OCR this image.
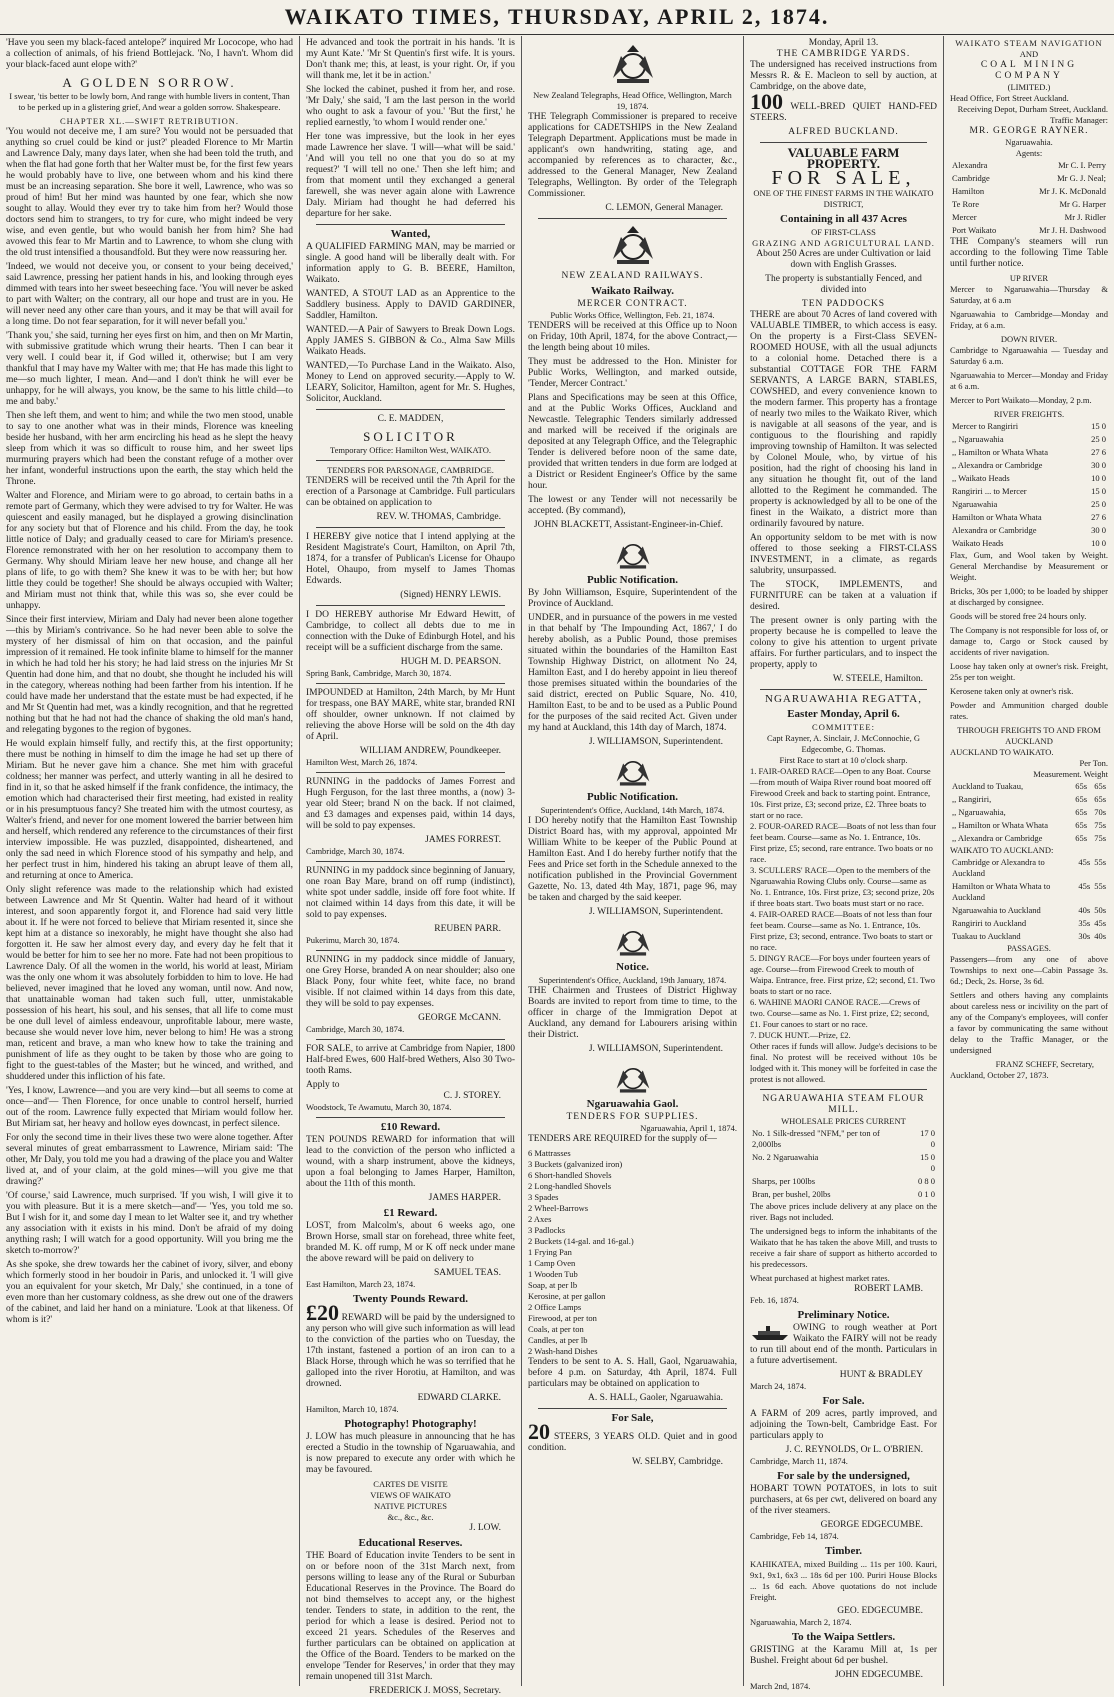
WAIKATO TIMES, THURSDAY, APRIL 2, 1874.

'Have you seen my black-faced antelope?' inquired Mr Lococope, who had a collection of animals, of his friend Bottlejack. 'No, I havn't. Whom did your black-faced aunt elope with?'

A GOLDEN SORROW.

I swear, 'tis better to be lowly born, And range with humble livers in content, Than to be perked up in a glistering grief, And wear a golden sorrow. Shakespeare.

CHAPTER XL.—SWIFT RETRIBUTION.

'You would not deceive me, I am sure? You would not be persuaded that anything so cruel could be kind or just?' pleaded Florence to Mr Martin and Lawrence Daly, many days later, when she had been told the truth, and when the flat had gone forth that her Walter must be, for the first few years he would probably have to live, one between whom and his kind there must be an increasing separation. She bore it well, Lawrence, who was so proud of him! But her mind was haunted by one fear, which she now sought to allay. Would they ever try to take him from her? Would those doctors send him to strangers, to try for cure, who might indeed be very wise, and even gentle, but who would banish her from him? She had avowed this fear to Mr Martin and to Lawrence, to whom she clung with the old trust intensified a thousandfold. But they were now reassuring her.

'Indeed, we would not deceive you, or consent to your being deceived,' said Lawrence, pressing her patient hands in his, and looking through eyes dimmed with tears into her sweet beseeching face. 'You will never be asked to part with Walter; on the contrary, all our hope and trust are in you. He will never need any other care than yours, and it may be that will avail for a long time. Do not fear separation, for it will never befall you.'

'Thank you,' she said, turning her eyes first on him, and then on Mr Martin, with submissive gratitude which wrung their hearts. 'Then I can bear it very well. I could bear it, if God willed it, otherwise; but I am very thankful that I may have my Walter with me; that He has made this light to me—so much lighter, I mean. And—and I don't think he will ever be unhappy, for he will always, you know, be the same to his little child—to me and baby.'

Then she left them, and went to him; and while the two men stood, unable to say to one another what was in their minds, Florence was kneeling beside her husband, with her arm encircling his head as he slept the heavy sleep from which it was so difficult to rouse him, and her sweet lips murmuring prayers which had been the constant refuge of a mother over her infant, wonderful instructions upon the earth, the stay which held the Throne.

Walter and Florence, and Miriam were to go abroad, to certain baths in a remote part of Germany, which they were advised to try for Walter. He was quiescent and easily managed, but he displayed a growing disinclination for any society but that of Florence and his child. From the day, he took little notice of Daly; and gradually ceased to care for Miriam's presence. Florence remonstrated with her on her resolution to accompany them to Germany. Why should Miriam leave her new house, and change all her plans of life, to go with them? She knew it was to be with her; but how little they could be together! She should be always occupied with Walter; and Miriam must not think that, while this was so, she ever could be unhappy.

Since their first interview, Miriam and Daly had never been alone together—this by Miriam's contrivance. So he had never been able to solve the mystery of her dismissal of him on that occasion, and the painful impression of it remained. He took infinite blame to himself for the manner in which he had told her his story; he had laid stress on the injuries Mr St Quentin had done him, and that no doubt, she thought he included his will in the category, whereas nothing had been farther from his intention. If he could have made her understand that the estate must be had expected, if he and Mr St Quentin had met, was a kindly recognition, and that he regretted nothing but that he had not had the chance of shaking the old man's hand, and relegating bygones to the region of bygones.

He would explain himself fully, and rectify this, at the first opportunity; there must be nothing in himself to dim the image he had set up there of Miriam. But he never gave him a chance. She met him with graceful coldness; her manner was perfect, and utterly wanting in all he desired to find in it, so that he asked himself if the frank confidence, the intimacy, the emotion which had characterised their first meeting, had existed in reality or in his presumptuous fancy? She treated him with the utmost courtesy, as Walter's friend, and never for one moment lowered the barrier between him and herself, which rendered any reference to the circumstances of their first interview impossible. He was puzzled, disappointed, disheartened, and only the sad need in which Florence stood of his sympathy and help, and her perfect trust in him, hindered his taking an abrupt leave of them all, and returning at once to America.

Only slight reference was made to the relationship which had existed between Lawrence and Mr St Quentin. Walter had heard of it without interest, and soon apparently forgot it, and Florence had said very little about it. If he were not forced to believe that Miriam resented it, since she kept him at a distance so inexorably, he might have thought she also had forgotten it. He saw her almost every day, and every day he felt that it would be better for him to see her no more. Fate had not been propitious to Lawrence Daly. Of all the women in the world, his world at least, Miriam was the only one whom it was absolutely forbidden to him to love. He had believed, never imagined that he loved any woman, until now. And now, that unattainable woman had taken such full, utter, unmistakable possession of his heart, his soul, and his senses, that all life to come must be one dull level of aimless endeavour, unprofitable labour, mere waste, because she would never love him, never belong to him! He was a strong man, reticent and brave, a man who knew how to take the training and punishment of life as they ought to be taken by those who are going to fight to the guest-tables of the Master; but he winced, and writhed, and shuddered under this infliction of his fate.

'Yes, I know, Lawrence—and you are very kind—but all seems to come at once—and'— Then Florence, for once unable to control herself, hurried out of the room. Lawrence fully expected that Miriam would follow her. But Miriam sat, her heavy and hollow eyes downcast, in perfect silence.

For only the second time in their lives these two were alone together. After several minutes of great embarrassment to Lawrence, Miriam said: 'The other, Mr Daly, you told me you had a drawing of the place you and Walter lived at, and of your claim, at the gold mines—will you give me that drawing?'

'Of course,' said Lawrence, much surprised. 'If you wish, I will give it to you with pleasure. But it is a mere sketch—and'— 'Yes, you told me so. But I wish for it, and some day I mean to let Walter see it, and try whether any association with it exists in his mind. Don't be afraid of my doing anything rash; I will watch for a good opportunity. Will you bring me the sketch to-morrow?'

As she spoke, she drew towards her the cabinet of ivory, silver, and ebony which formerly stood in her boudoir in Paris, and unlocked it. 'I will give you an equivalent for your sketch, Mr Daly,' she continued, in a tone of even more than her customary coldness, as she drew out one of the drawers of the cabinet, and laid her hand on a miniature. 'Look at that likeness. Of whom is it?'

He advanced and took the portrait in his hands. 'It is my Aunt Kate.' 'Mr St Quentin's first wife. It is yours. Don't thank me; this, at least, is your right. Or, if you will thank me, let it be in action.'

She locked the cabinet, pushed it from her, and rose. 'Mr Daly,' she said, 'I am the last person in the world who ought to ask a favour of you.' 'But the first,' he replied earnestly, 'to whom I would render one.'

Her tone was impressive, but the look in her eyes made Lawrence her slave. 'I will—what will be said.' 'And will you tell no one that you do so at my request?' 'I will tell no one.' Then she left him; and from that moment until they exchanged a general farewell, she was never again alone with Lawrence Daly. Miriam had thought he had deferred his departure for her sake.

Wanted,

A QUALIFIED FARMING MAN, may be married or single. A good hand will be liberally dealt with. For information apply to G. B. BEERE, Hamilton, Waikato.

WANTED, A STOUT LAD as an Apprentice to the Saddlery business. Apply to DAVID GARDINER, Saddler, Hamilton.

WANTED.—A Pair of Sawyers to Break Down Logs. Apply JAMES S. GIBBON & Co., Alma Saw Mills Waikato Heads.

WANTED,—To Purchase Land in the Waikato. Also, Money to Lend on approved security.—Apply to W. LEARY, Solicitor, Hamilton, agent for Mr. S. Hughes, Solicitor, Auckland.

C. E. MADDEN,
SOLICITOR
Temporary Office: Hamilton West, WAIKATO.
TENDERS FOR PARSONAGE, CAMBRIDGE.

TENDERS will be received until the 7th April for the erection of a Parsonage at Cambridge. Full particulars can be obtained on application to

REV. W. THOMAS, Cambridge.

I HEREBY give notice that I intend applying at the Resident Magistrate's Court, Hamilton, on April 7th, 1874, for a transfer of Publican's License for Ohaupo Hotel, Ohaupo, from myself to James Thomas Edwards.

(Signed) HENRY LEWIS.

I DO HEREBY authorise Mr Edward Hewitt, of Cambridge, to collect all debts due to me in connection with the Duke of Edinburgh Hotel, and his receipt will be a sufficient discharge from the same.

HUGH M. D. PEARSON.
Spring Bank, Cambridge, March 30, 1874.

IMPOUNDED at Hamilton, 24th March, by Mr Hunt for trespass, one BAY MARE, white star, branded RNI off shoulder, owner unknown. If not claimed by relieving the above Horse will be sold on the 4th day of April.

WILLIAM ANDREW, Poundkeeper.
Hamilton West, March 26, 1874.

RUNNING in the paddocks of James Forrest and Hugh Ferguson, for the last three months, a (now) 3-year old Steer; brand N on the back. If not claimed, and £3 damages and expenses paid, within 14 days, will be sold to pay expenses.

JAMES FORREST.
Cambridge, March 30, 1874.

RUNNING in my paddock since beginning of January, one roan Bay Mare, brand on off rump (indistinct), white spot under saddle, inside off fore foot white. If not claimed within 14 days from this date, it will be sold to pay expenses.

REUBEN PARR.
Pukerimu, March 30, 1874.

RUNNING in my paddock since middle of January, one Grey Horse, branded A on near shoulder; also one Black Pony, four white feet, white face, no brand visible. If not claimed within 14 days from this date, they will be sold to pay expenses.

GEORGE McCANN.
Cambridge, March 30, 1874.

FOR SALE, to arrive at Cambridge from Napier, 1800 Half-bred Ewes, 600 Half-bred Wethers, Also 30 Two-tooth Rams.

Apply to
C. J. STOREY.
Woodstock, Te Awamutu, March 30, 1874.
£10 Reward.

TEN POUNDS REWARD for information that will lead to the conviction of the person who inflicted a wound, with a sharp instrument, above the kidneys, upon a foal belonging to James Harper, Hamilton, about the 11th of this month.

JAMES HARPER.
£1 Reward.

LOST, from Malcolm's, about 6 weeks ago, one Brown Horse, small star on forehead, three white feet, branded M. K. off rump, M or K off neck under mane the above reward will be paid on delivery to

SAMUEL TEAS.
East Hamilton, March 23, 1874.
Twenty Pounds Reward.

£20 REWARD will be paid by the undersigned to any person who will give such information as will lead to the conviction of the parties who on Tuesday, the 17th instant, fastened a portion of an iron can to a Black Horse, through which he was so terrified that he galloped into the river Horotiu, at Hamilton, and was drowned.

EDWARD CLARKE.
Hamilton, March 10, 1874.
Photography! Photography!

J. LOW has much pleasure in announcing that he has erected a Studio in the township of Ngaruawahia, and is now prepared to execute any order with which he may be favoured.

CARTES DE VISITE
VIEWS OF WAIKATO
NATIVE PICTURES
&c., &c., &c.
J. LOW.
Educational Reserves.

THE Board of Education invite Tenders to be sent in on or before noon of the 31st March next, from persons willing to lease any of the Rural or Suburban Educational Reserves in the Province. The Board do not bind themselves to accept any, or the highest tender. Tenders to state, in addition to the rent, the period for which a lease is desired. Period not to exceed 21 years. Schedules of the Reserves and further particulars can be obtained on application at the Office of the Board. Tenders to be marked on the envelope 'Tender for Reserves,' in order that they may remain unopened till 31st March.

FREDERICK J. MOSS, Secretary.
New Zealand Telegraphs, Head Office, Wellington, March 19, 1874.

THE Telegraph Commissioner is prepared to receive applications for CADETSHIPS in the New Zealand Telegraph Department. Applications must be made in applicant's own handwriting, stating age, and accompanied by references as to character, &c., addressed to the General Manager, New Zealand Telegraphs, Wellington. By order of the Telegraph Commissioner.

C. LEMON, General Manager.
NEW ZEALAND RAILWAYS.
Waikato Railway.
MERCER CONTRACT.
Public Works Office, Wellington, Feb. 21, 1874.

TENDERS will be received at this Office up to Noon on Friday, 10th April, 1874, for the above Contract,—the length being about 10 miles.

They must be addressed to the Hon. Minister for Public Works, Wellington, and marked outside, 'Tender, Mercer Contract.'

Plans and Specifications may be seen at this Office, and at the Public Works Offices, Auckland and Newcastle. Telegraphic Tenders similarly addressed and marked will be received if the originals are deposited at any Telegraph Office, and the Telegraphic Tender is delivered before noon of the same date, provided that written tenders in due form are lodged at a District or Resident Engineer's Office by the same hour.

The lowest or any Tender will not necessarily be accepted. (By command),

JOHN BLACKETT, Assistant-Engineer-in-Chief.
Public Notification.

By John Williamson, Esquire, Superintendent of the Province of Auckland.

UNDER, and in pursuance of the powers in me vested in that behalf by 'The Impounding Act, 1867,' I do hereby abolish, as a Public Pound, those premises situated within the boundaries of the Hamilton East Township Highway District, on allotment No 24, Hamilton East, and I do hereby appoint in lieu thereof those premises situated within the boundaries of the said district, erected on Public Square, No. 410, Hamilton East, to be and to be used as a Public Pound for the purposes of the said recited Act. Given under my hand at Auckland, this 14th day of March, 1874.

J. WILLIAMSON, Superintendent.
Public Notification.
Superintendent's Office, Auckland, 14th March, 1874.

I DO hereby notify that the Hamilton East Township District Board has, with my approval, appointed Mr William White to be keeper of the Public Pound at Hamilton East. And I do hereby further notify that the Fees and Price set forth in the Schedule annexed to the notification published in the Provincial Government Gazette, No. 13, dated 4th May, 1871, page 96, may be taken and charged by the said keeper.

J. WILLIAMSON, Superintendent.
Notice.
Superintendent's Office, Auckland, 19th January, 1874.

THE Chairmen and Trustees of District Highway Boards are invited to report from time to time, to the officer in charge of the Immigration Depot at Auckland, any demand for Labourers arising within their District.

J. WILLIAMSON, Superintendent.
Ngaruawahia Gaol.
TENDERS FOR SUPPLIES.
Ngaruawahia, April 1, 1874.

TENDERS ARE REQUIRED for the supply of—

6 Mattrasses
3 Buckets (galvanized iron)
6 Short-handled Shovels
2 Long-handled Shovels
3 Spades
2 Wheel-Barrows
2 Axes
3 Padlocks
2 Buckets (14-gal. and 16-gal.)
1 Frying Pan
1 Camp Oven
1 Wooden Tub
Soap, at per lb
Kerosine, at per gallon
2 Office Lamps
Firewood, at per ton
Coals, at per ton
Candles, at per lb
2 Wash-hand Dishes

Tenders to be sent to A. S. Hall, Gaol, Ngaruawahia, before 4 p.m. on Saturday, 4th April, 1874. Full particulars may be obtained on application to

A. S. HALL, Gaoler, Ngaruawahia.
For Sale,

20 STEERS, 3 YEARS OLD. Quiet and in good condition.

W. SELBY, Cambridge.
Monday, April 13.
THE CAMBRIDGE YARDS.

The undersigned has received instructions from Messrs R. & E. Macleon to sell by auction, at Cambridge, on the above date,

100 WELL-BRED QUIET HAND-FED STEERS.

ALFRED BUCKLAND.
VALUABLE FARM PROPERTY.
FOR SALE,
ONE OF THE FINEST FARMS IN THE WAIKATO DISTRICT,
Containing in all 437 Acres
OF FIRST-CLASS
GRAZING AND AGRICULTURAL LAND.

About 250 Acres are under Cultivation or laid down with English Grasses.

The property is substantially Fenced, and divided into

TEN PADDOCKS

THERE are about 70 Acres of land covered with VALUABLE TIMBER, to which access is easy. On the property is a First-Class SEVEN-ROOMED HOUSE, with all the usual adjuncts to a colonial home. Detached there is a substantial COTTAGE FOR THE FARM SERVANTS, A LARGE BARN, STABLES, COWSHED, and every convenience known to the modern farmer. This property has a frontage of nearly two miles to the Waikato River, which is navigable at all seasons of the year, and is contiguous to the flourishing and rapidly improving township of Hamilton. It was selected by Colonel Moule, who, by virtue of his position, had the right of choosing his land in any situation he thought fit, out of the land allotted to the Regiment he commanded. The property is acknowledged by all to be one of the finest in the Waikato, a district more than ordinarily favoured by nature.

An opportunity seldom to be met with is now offered to those seeking a FIRST-CLASS INVESTMENT, in a climate, as regards salubrity, unsurpassed.

The STOCK, IMPLEMENTS, and FURNITURE can be taken at a valuation if desired.

The present owner is only parting with the property because he is compelled to leave the colony to give his attention to urgent private affairs. For further particulars, and to inspect the property, apply to

W. STEELE, Hamilton.
NGARUAWAHIA REGATTA,
Easter Monday, April 6.
COMMITTEE:
Capt Rayner, A. Sinclair, J. McConnochie, G Edgecombe, G. Thomas.
First Race to start at 10 o'clock sharp.
1. FAIR-OARED RACE—Open to any Boat. Course—from mouth of Waipa River round boat moored off Firewood Creek and back to starting point. Entrance, 10s. First prize, £3; second prize, £2. Three boats to start or no race.
2. FOUR-OARED RACE—Boats of not less than four feet beam. Course—same as No. 1. Entrance, 10s. First prize, £5; second, rare entrance. Two boats or no race.
3. SCULLERS' RACE—Open to the members of the Ngaruawahia Rowing Clubs only. Course—same as No. 1. Entrance, 10s. First prize, £3; second prize, 20s if three boats start. Two boats must start or no race.
4. FAIR-OARED RACE—Boats of not less than four feet beam. Course—same as No. 1. Entrance, 10s. First prize, £3; second, entrance. Two boats to start or no race.
5. DINGY RACE—For boys under fourteen years of age. Course—from Firewood Creek to mouth of Waipa. Entrance, free. First prize, £2; second, £1. Two boats to start or no race.
6. WAHINE MAORI CANOE RACE.—Crews of two. Course—same as No. 1. First prize, £2; second, £1. Four canoes to start or no race.
7. DUCK HUNT.—Prize, £2.

Other races if funds will allow. Judge's decisions to be final. No protest will be received without 10s be lodged with it. This money will be forfeited in case the protest is not allowed.

NGARUAWAHIA STEAM FLOUR MILL.
WHOLESALE PRICES CURRENT
No. 1 Silk-dressed "NFM," per ton of 2,000lbs	17 0 0
No. 2 Ngaruawahia	15 0 0
Sharps, per 100lbs	0 8 0
Bran, per bushel, 20lbs	0 1 0

The above prices include delivery at any place on the river. Bags not included.

The undersigned begs to inform the inhabitants of the Waikato that he has taken the above Mill, and trusts to receive a fair share of support as hitherto accorded to his predecessors.

Wheat purchased at highest market rates.
ROBERT LAMB.
Feb. 16, 1874.
Preliminary Notice.

OWING to rough weather at Port Waikato the FAIRY will not be ready to run till about end of the month. Particulars in a future advertisement.

HUNT & BRADLEY
March 24, 1874.
For Sale.

A FARM of 209 acres, partly improved, and adjoining the Town-belt, Cambridge East. For particulars apply to

J. C. REYNOLDS, Or L. O'BRIEN.
Cambridge, March 11, 1874.
For sale by the undersigned,

HOBART TOWN POTATOES, in lots to suit purchasers, at 6s per cwt, delivered on board any of the river steamers.

GEORGE EDGECUMBE.
Cambridge, Feb 14, 1874.
Timber.

KAHIKATEA, mixed Building ... 11s per 100. Kauri, 9x1, 9x1, 6x3 ... 18s 6d per 100. Puriri House Blocks ... 1s 6d each. Above quotations do not include Freight.

GEO. EDGECUMBE.
Ngaruawahia, March 2, 1874.
To the Waipa Settlers.

GRISTING at the Karamu Mill at, 1s per Bushel. Freight about 6d per bushel.

JOHN EDGECUMBE.
March 2nd, 1874.
WAIKATO STEAM NAVIGATION
AND
COAL MINING COMPANY
(LIMITED.)
Head Office, Fort Street Auckland.
Receiving Depot, Durham Street, Auckland.
Traffic Manager:
MR. GEORGE RAYNER.
Ngaruawahia.
Agents:
Alexandra	Mr C. I. Perry
Cambridge	Mr G. J. Neal;
Hamilton	Mr J. K. McDonald
Te Rore	Mr G. Harper
Mercer	Mr J. Ridler
Port Waikato	Mr J. H. Dashwood

THE Company's steamers will run according to the following Time Table until further notice.

UP RIVER

Mercer to Ngaruawahia—Thursday & Saturday, at 6 a.m

Ngaruawahia to Cambridge—Monday and Friday, at 6 a.m.

DOWN RIVER.

Cambridge to Ngaruawahia — Tuesday and Saturday 6 a.m.

Ngaruawahia to Mercer—Monday and Friday at 6 a.m.

Mercer to Port Waikato—Monday, 2 p.m.

RIVER FREIGHTS.
Mercer to Rangiriri	15 0
,, Ngaruawahia	25 0
,, Hamilton or Whata Whata	27 6
,, Alexandra or Cambridge	30 0
,, Waikato Heads	10 0
Rangiriri ... to Mercer	15 0
Ngaruawahia	25 0
Hamilton or Whata Whata	27 6
Alexandra or Cambridge	30 0
Waikato Heads	10 0

Flax, Gum, and Wool taken by Weight. General Merchandise by Measurement or Weight.

Bricks, 30s per 1,000; to be loaded by shipper at discharged by consignee.

Goods will be stored free 24 hours only.

The Company is not responsible for loss of, or damage to, Cargo or Stock caused by accidents of river navigation.

Loose hay taken only at owner's risk. Freight, 25s per ton weight.

Kerosene taken only at owner's risk.

Powder and Ammunition charged double rates.

THROUGH FREIGHTS TO AND FROM AUCKLAND
AUCKLAND TO WAIKATO.
Per Ton.
Measurement. Weight
Auckland to Tuakau,	65s	65s
,, Rangiriri,	65s	65s
,, Ngaruawahia,	65s	70s
,, Hamilton or Whata Whata	65s	75s
,, Alexandra or Cambridge	65s	75s
WAIKATO TO AUCKLAND:
Cambridge or Alexandra to Auckland	45s	55s
Hamilton or Whata Whata to Auckland	45s	55s
Ngaruawahia to Auckland	40s	50s
Rangiriri to Auckland	35s	45s
Tuakau to Auckland	30s	40s
PASSAGES.

Passengers—from any one of above Townships to next one—Cabin Passage 3s. 6d.; Deck, 2s. Horse, 3s 6d.

Settlers and others having any complaints about careless ness or incivility on the part of any of the Company's employees, will confer a favor by communicating the same without delay to the Traffic Manager, or the undersigned

FRANZ SCHEFF, Secretary,
Auckland, October 27, 1873.
